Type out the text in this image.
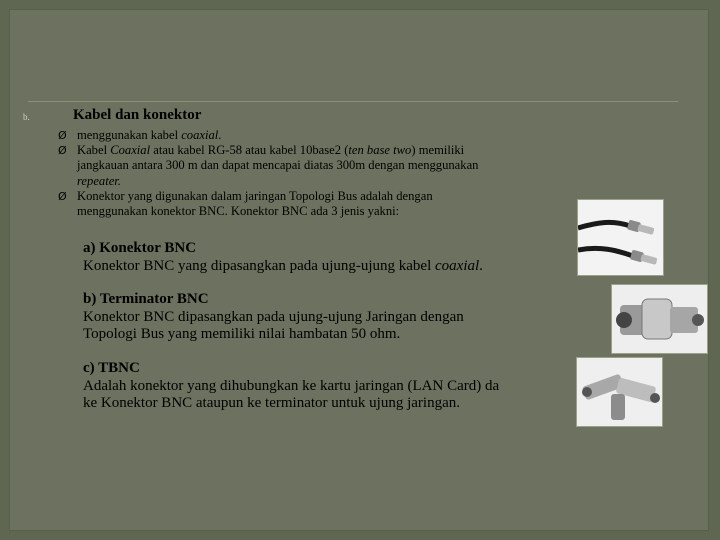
b.	Kabel dan konektor
Ø menggunakan kabel coaxial.
Ø Kabel Coaxial atau kabel RG-58 atau kabel 10base2 (ten base two) memiliki
jangkauan antara 300 m dan dapat mencapai diatas 300m dengan menggunakan
repeater.
Ø Konektor yang digunakan dalam jaringan Topologi Bus adalah dengan
menggunakan konektor BNC. Konektor BNC ada 3 jenis yakni:
a) Konektor BNC
Konektor BNC yang dipasangkan pada ujung-ujung kabel coaxial.
b) Terminator BNC
Konektor BNC dipasangkan pada ujung-ujung Jaringan dengan
Topologi Bus yang memiliki nilai hambatan 50 ohm.
c) TBNC
Adalah konektor yang dihubungkan ke kartu jaringan (LAN Card) da
ke Konektor BNC ataupun ke terminator untuk ujung jaringan.
